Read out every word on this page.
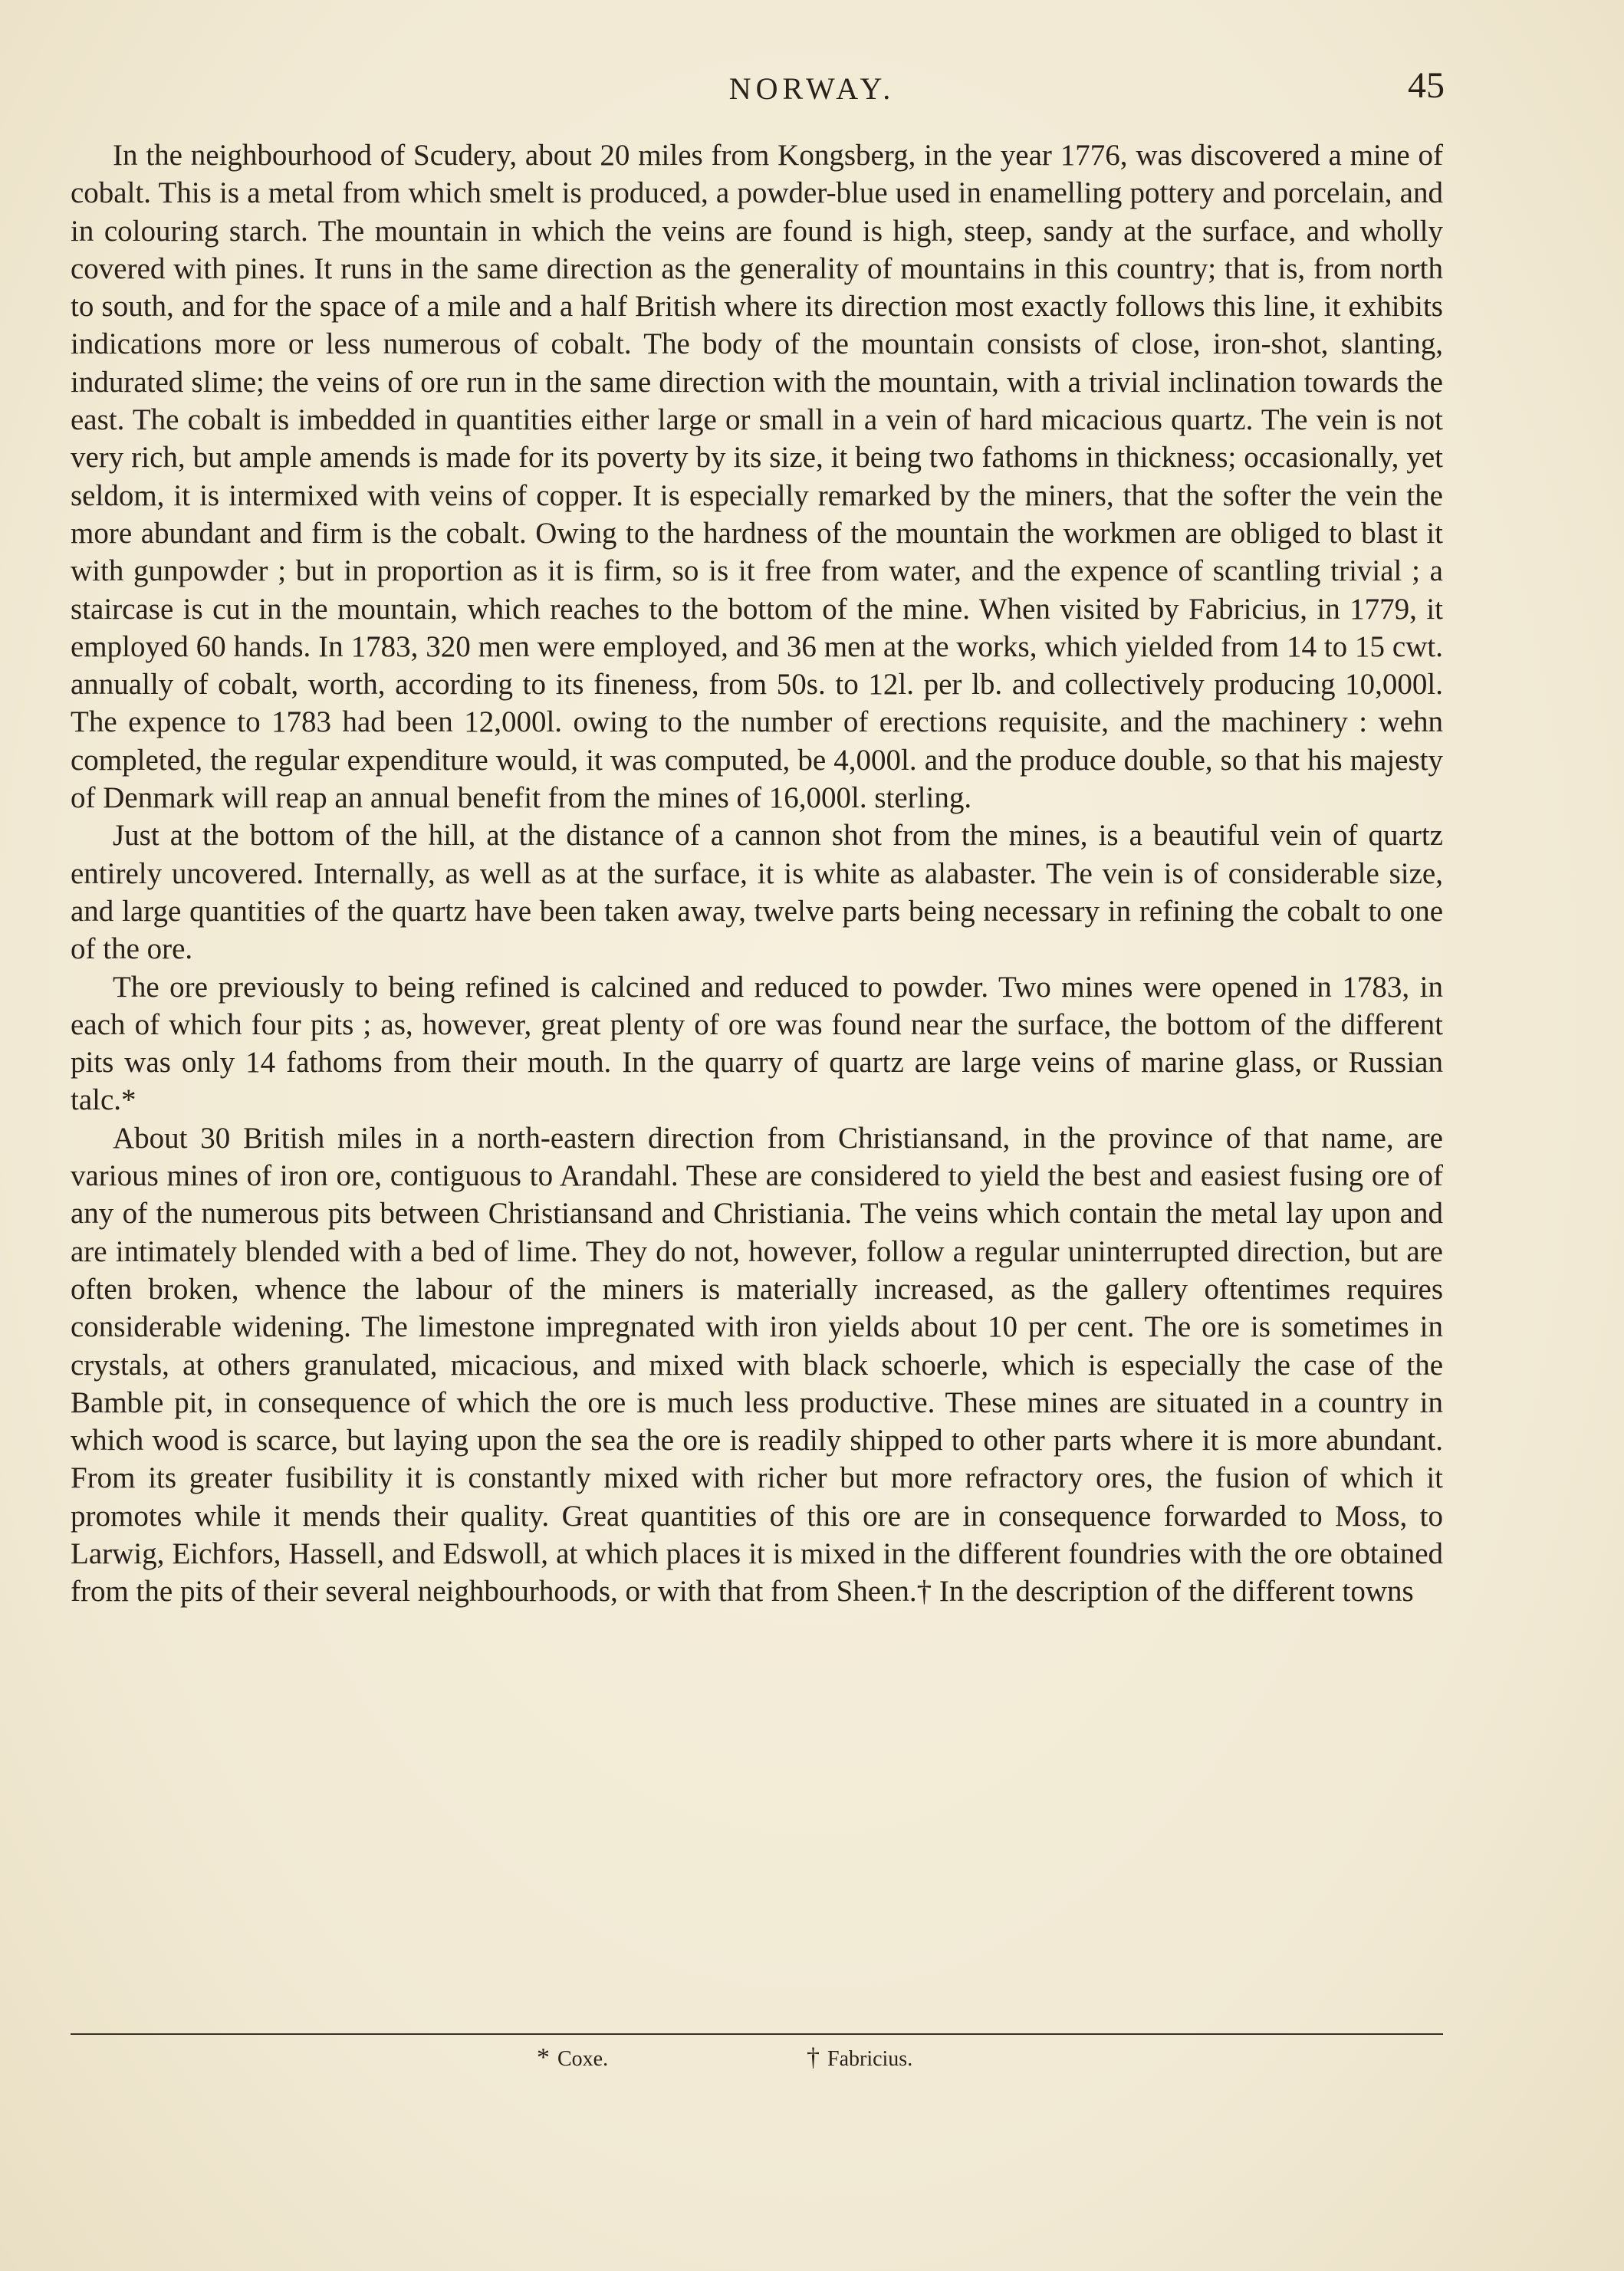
NORWAY.	45

In the neighbourhood of Scudery, about 20 miles from Kongsberg, in the year 1776, was discovered a mine of cobalt. This is a metal from which smelt is produced, a powder-blue used in enamelling pottery and porcelain, and in colouring starch. The mountain in which the veins are found is high, steep, sandy at the surface, and wholly covered with pines. It runs in the same direction as the generality of mountains in this country; that is, from north to south, and for the space of a mile and a half British where its direction most exactly follows this line, it exhibits indications more or less numerous of cobalt. The body of the mountain consists of close, iron-shot, slanting, indurated slime; the veins of ore run in the same direction with the mountain, with a trivial inclination towards the east. The cobalt is imbedded in quantities either large or small in a vein of hard micacious quartz. The vein is not very rich, but ample amends is made for its poverty by its size, it being two fathoms in thickness; occasionally, yet seldom, it is intermixed with veins of copper. It is especially remarked by the miners, that the softer the vein the more abundant and firm is the cobalt. Owing to the hardness of the mountain the workmen are obliged to blast it with gunpowder ; but in proportion as it is firm, so is it free from water, and the expence of scantling trivial ; a staircase is cut in the mountain, which reaches to the bottom of the mine. When visited by Fabricius, in 1779, it employed 60 hands. In 1783, 320 men were employed, and 36 men at the works, which yielded from 14 to 15 cwt. annually of cobalt, worth, according to its fineness, from 50s. to 12l. per lb. and collectively producing 10,000l. The expence to 1783 had been 12,000l. owing to the number of erections requisite, and the machinery : wehn completed, the regular expenditure would, it was computed, be 4,000l. and the produce double, so that his majesty of Denmark will reap an annual benefit from the mines of 16,000l. sterling.

Just at the bottom of the hill, at the distance of a cannon shot from the mines, is a beautiful vein of quartz entirely uncovered. Internally, as well as at the surface, it is white as alabaster. The vein is of considerable size, and large quantities of the quartz have been taken away, twelve parts being necessary in refining the cobalt to one of the ore.

The ore previously to being refined is calcined and reduced to powder. Two mines were opened in 1783, in each of which four pits ; as, however, great plenty of ore was found near the surface, the bottom of the different pits was only 14 fathoms from their mouth. In the quarry of quartz are large veins of marine glass, or Russian talc.*

About 30 British miles in a north-eastern direction from Christiansand, in the province of that name, are various mines of iron ore, contiguous to Arandahl. These are considered to yield the best and easiest fusing ore of any of the numerous pits between Christiansand and Christiania. The veins which contain the metal lay upon and are intimately blended with a bed of lime. They do not, however, follow a regular uninterrupted direction, but are often broken, whence the labour of the miners is materially increased, as the gallery oftentimes requires considerable widening. The limestone impregnated with iron yields about 10 per cent. The ore is sometimes in crystals, at others granulated, micacious, and mixed with black schoerle, which is especially the case of the Bamble pit, in consequence of which the ore is much less productive. These mines are situated in a country in which wood is scarce, but laying upon the sea the ore is readily shipped to other parts where it is more abundant. From its greater fusibility it is constantly mixed with richer but more refractory ores, the fusion of which it promotes while it mends their quality. Great quantities of this ore are in consequence forwarded to Moss, to Larwig, Eichfors, Hassell, and Edswoll, at which places it is mixed in the different foundries with the ore obtained from the pits of their several neighbourhoods, or with that from Sheen.† In the description of the different towns

* Coxe.	† Fabricius.
